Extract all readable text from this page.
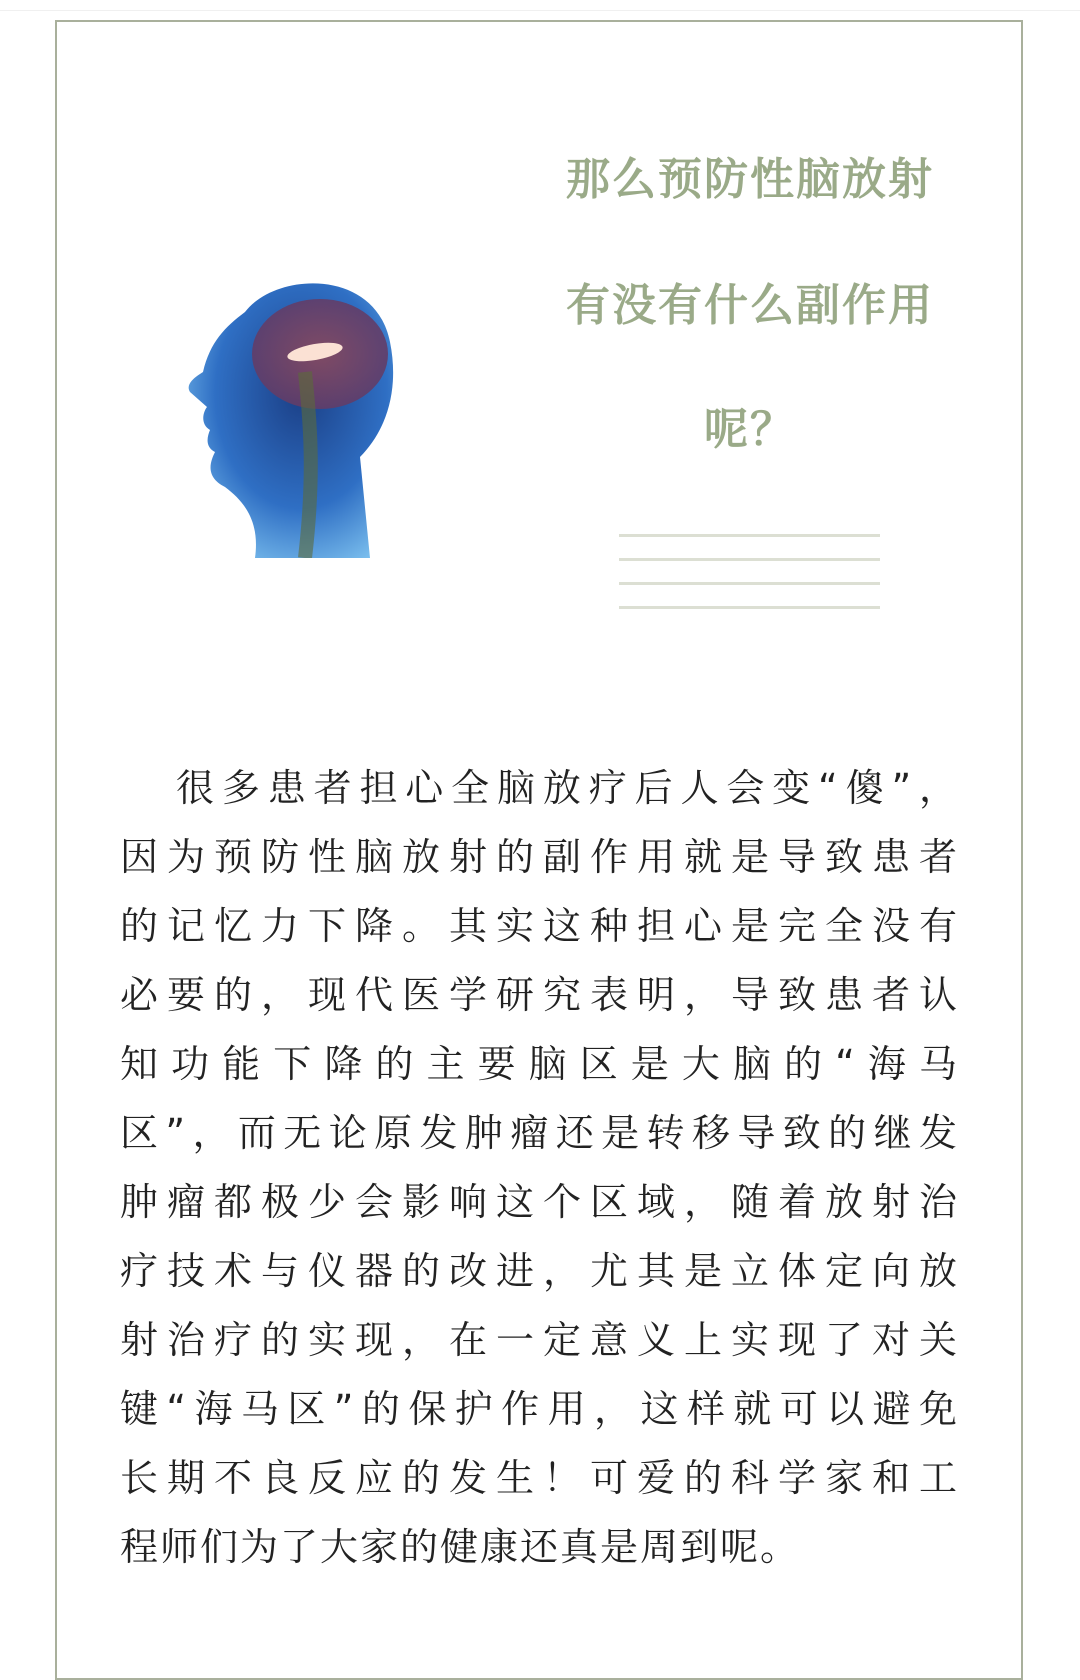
那么预防性脑放射
有没有什么副作用
呢？
很多患者担心全脑放疗后人会变“傻”，
因为预防性脑放射的副作用就是导致患者
的记忆力下降。其实这种担心是完全没有
必要的，现代医学研究表明，导致患者认
知功能下降的主要脑区是大脑的“海马
区”，而无论原发肿瘤还是转移导致的继发
肿瘤都极少会影响这个区域，随着放射治
疗技术与仪器的改进，尤其是立体定向放
射治疗的实现，在一定意义上实现了对关
键“海马区”的保护作用，这样就可以避免
长期不良反应的发生！可爱的科学家和工
程师们为了大家的健康还真是周到呢。
